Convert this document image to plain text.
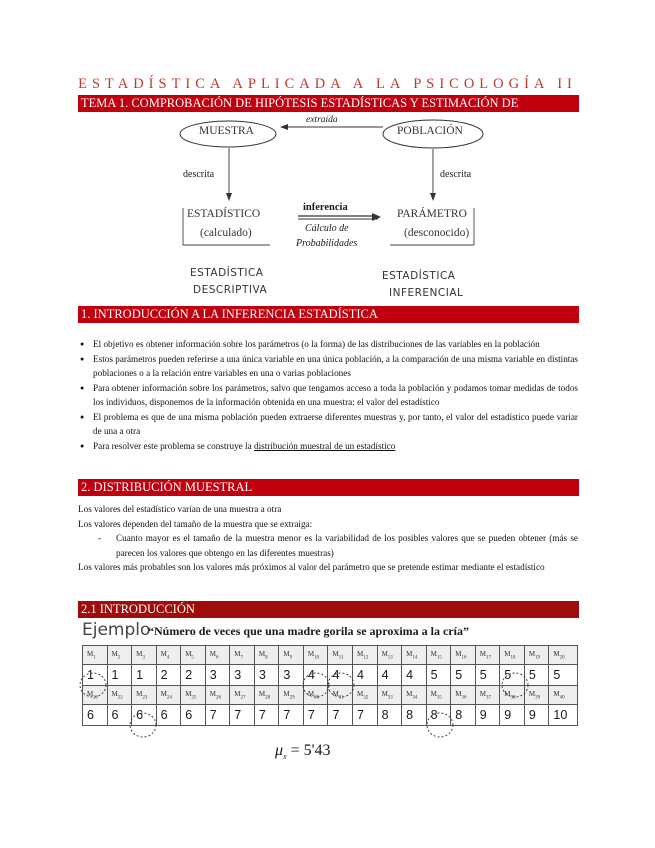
ESTADÍSTICA APLICADA A LA PSICOLOGÍA II
TEMA 1. COMPROBACIÓN DE HIPÓTESIS ESTADÍSTICAS Y ESTIMACIÓN DE PARÁMETROS
MUESTRA	POBLACIÓN
extraída
descrita	descrita
ESTADÍSTICO
(calculado)
inferencia
Cálculo de
Probabilidades
PARÁMETRO
(desconocido)
ESTADÍSTICA
DESCRIPTIVA
ESTADÍSTICA
INFERENCIAL
1. INTRODUCCIÓN A LA INFERENCIA ESTADÍSTICA
● El objetivo es obtener información sobre los parámetros (o la forma) de las distribuciones de las variables en la población
● Estos parámetros pueden referirse a una única variable en una única población, a la comparación de una misma variable en distintas poblaciones o a la relación entre variables en una o varias poblaciones
● Para obtener información sobre los parámetros, salvo que tengamos acceso a toda la población y podamos tomar medidas de todos los individuos, disponemos de la información obtenida en una muestra: el valor del estadístico
● El problema es que de una misma población pueden extraerse diferentes muestras y, por tanto, el valor del estadístico puede variar de una a otra
● Para resolver este problema se construye la distribución muestral de un estadístico
2. DISTRIBUCIÓN MUESTRAL
Los valores del estadístico varían de una muestra a otra
Los valores dependen del tamaño de la muestra que se extraiga:
- Cuanto mayor es el tamaño de la muestra menor es la variabilidad de los posibles valores que se pueden obtener (más se parecen los valores que obtengo en las diferentes muestras)
Los valores más probables son los valores más próximos al valor del parámetro que se pretende estimar mediante el estadístico
2.1 INTRODUCCIÓN
Ejemplo
“Número de veces que una madre gorila se aproxima a la cría”
$M_1$	$M_2$	$M_3$	$M_4$	$M_5$	$M_6$	$M_7$	$M_8$	$M_9$	$M_{10}$	$M_{11}$	$M_{12}$	$M_{13}$	$M_{14}$	$M_{15}$	$M_{16}$	$M_{17}$	$M_{18}$	$M_{19}$	$M_{20}$
1	1	1	2	2	3	3	3	3	4	4	4	4	4	5	5	5	5	5	5
$M_{21}$	$M_{22}$	$M_{23}$	$M_{24}$	$M_{25}$	$M_{26}$	$M_{27}$	$M_{28}$	$M_{29}$	$M_{30}$	$M_{31}$	$M_{32}$	$M_{33}$	$M_{34}$	$M_{35}$	$M_{36}$	$M_{37}$	$M_{38}$	$M_{39}$	$M_{40}$
6	6	6	6	6	7	7	7	7	7	7	7	8	8	8	8	9	9	9	10
$\mu_x = 5'43$
